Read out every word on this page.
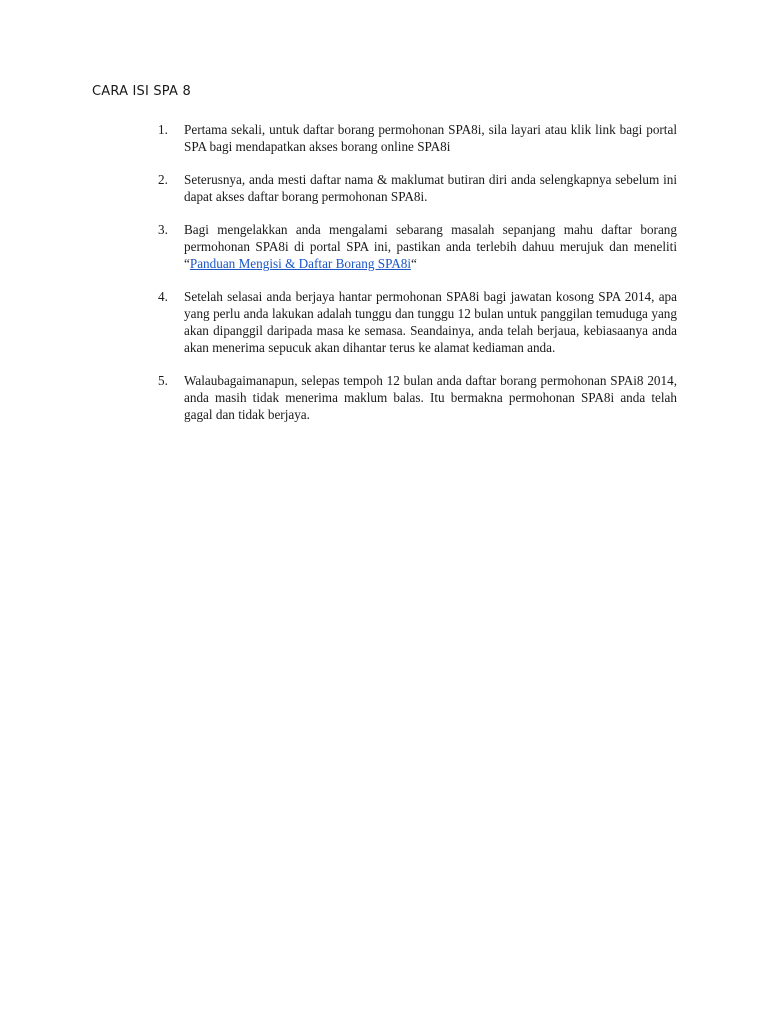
CARA ISI SPA 8
1.	Pertama sekali, untuk daftar borang permohonan SPA8i, sila layari atau klik link bagi portal SPA bagi mendapatkan akses borang online SPA8i
2.	Seterusnya, anda mesti daftar nama & maklumat butiran diri anda selengkapnya sebelum ini dapat akses daftar borang permohonan SPA8i.
3.	Bagi mengelakkan anda mengalami sebarang masalah sepanjang mahu daftar borang permohonan SPA8i di portal SPA ini, pastikan anda terlebih dahuu merujuk dan meneliti “Panduan Mengisi & Daftar Borang SPA8i“
4.	Setelah selasai anda berjaya hantar permohonan SPA8i bagi jawatan kosong SPA 2014, apa yang perlu anda lakukan adalah tunggu dan tunggu 12 bulan untuk panggilan temuduga yang akan dipanggil daripada masa ke semasa. Seandainya, anda telah berjaua, kebiasaanya anda akan menerima sepucuk akan dihantar terus ke alamat kediaman anda.
5.	Walaubagaimanapun, selepas tempoh 12 bulan anda daftar borang permohonan SPAi8 2014, anda masih tidak menerima maklum balas. Itu bermakna permohonan SPA8i anda telah gagal dan tidak berjaya.
